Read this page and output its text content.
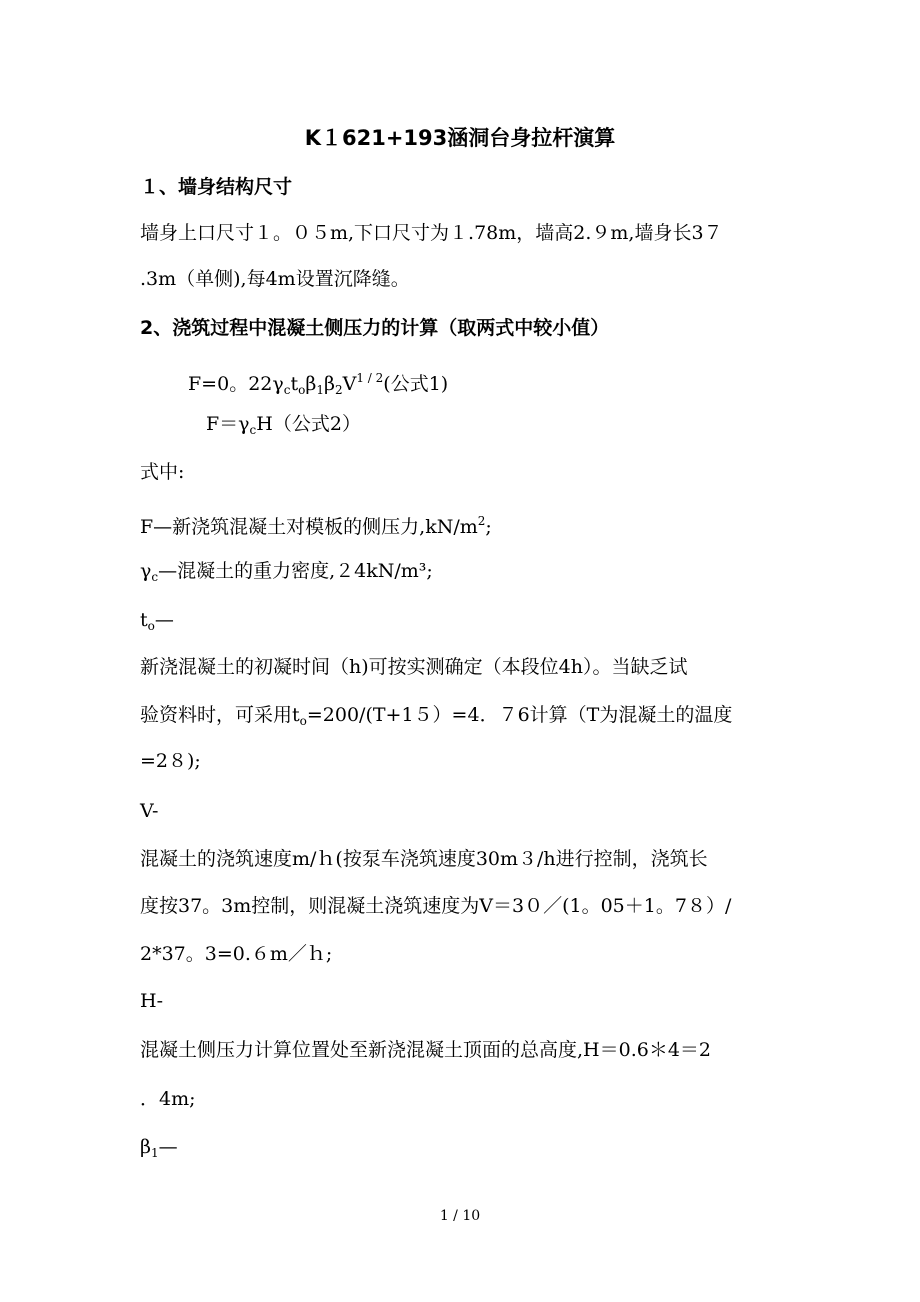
K１621+193涵洞台身拉杆演算
１、墙身结构尺寸
墙身上口尺寸１。０５m,下口尺寸为１.78m，墙高2.９m,墙身长3７
.3m（单侧),每4m设置沉降缝。
2、浇筑过程中混凝土侧压力的计算（取两式中较小值）
F=0。$22\gamma_ct_o\beta_1\beta_2V^{1 / 2}$(公式1)
$F=\gamma_cH$（公式2）
式中:
F—新浇筑混凝土对模板的侧压力$,kN/m^2$;
$\gamma_c—$混凝土的重力密度,２4kN/m³;
$t_o—$
新浇混凝土的初凝时间（h)可按实测确定（本段位4h）。当缺乏试
验资料时，可采用$t_o=200/(T+15)=4$．７6计算（T为混凝土的温度
=2８);
V-
混凝土的浇筑速度m/ｈ(按泵车浇筑速度30m３/h进行控制，浇筑长
度按37。3m控制，则混凝土浇筑速度为V＝3０／(1。05＋1。7８）/
2*37。3=0.６m／ｈ;
H-
混凝土侧压力计算位置处至新浇混凝土顶面的总高度,H＝0.6＊4＝2
．4m;
$\beta_1—$
1 / 10
